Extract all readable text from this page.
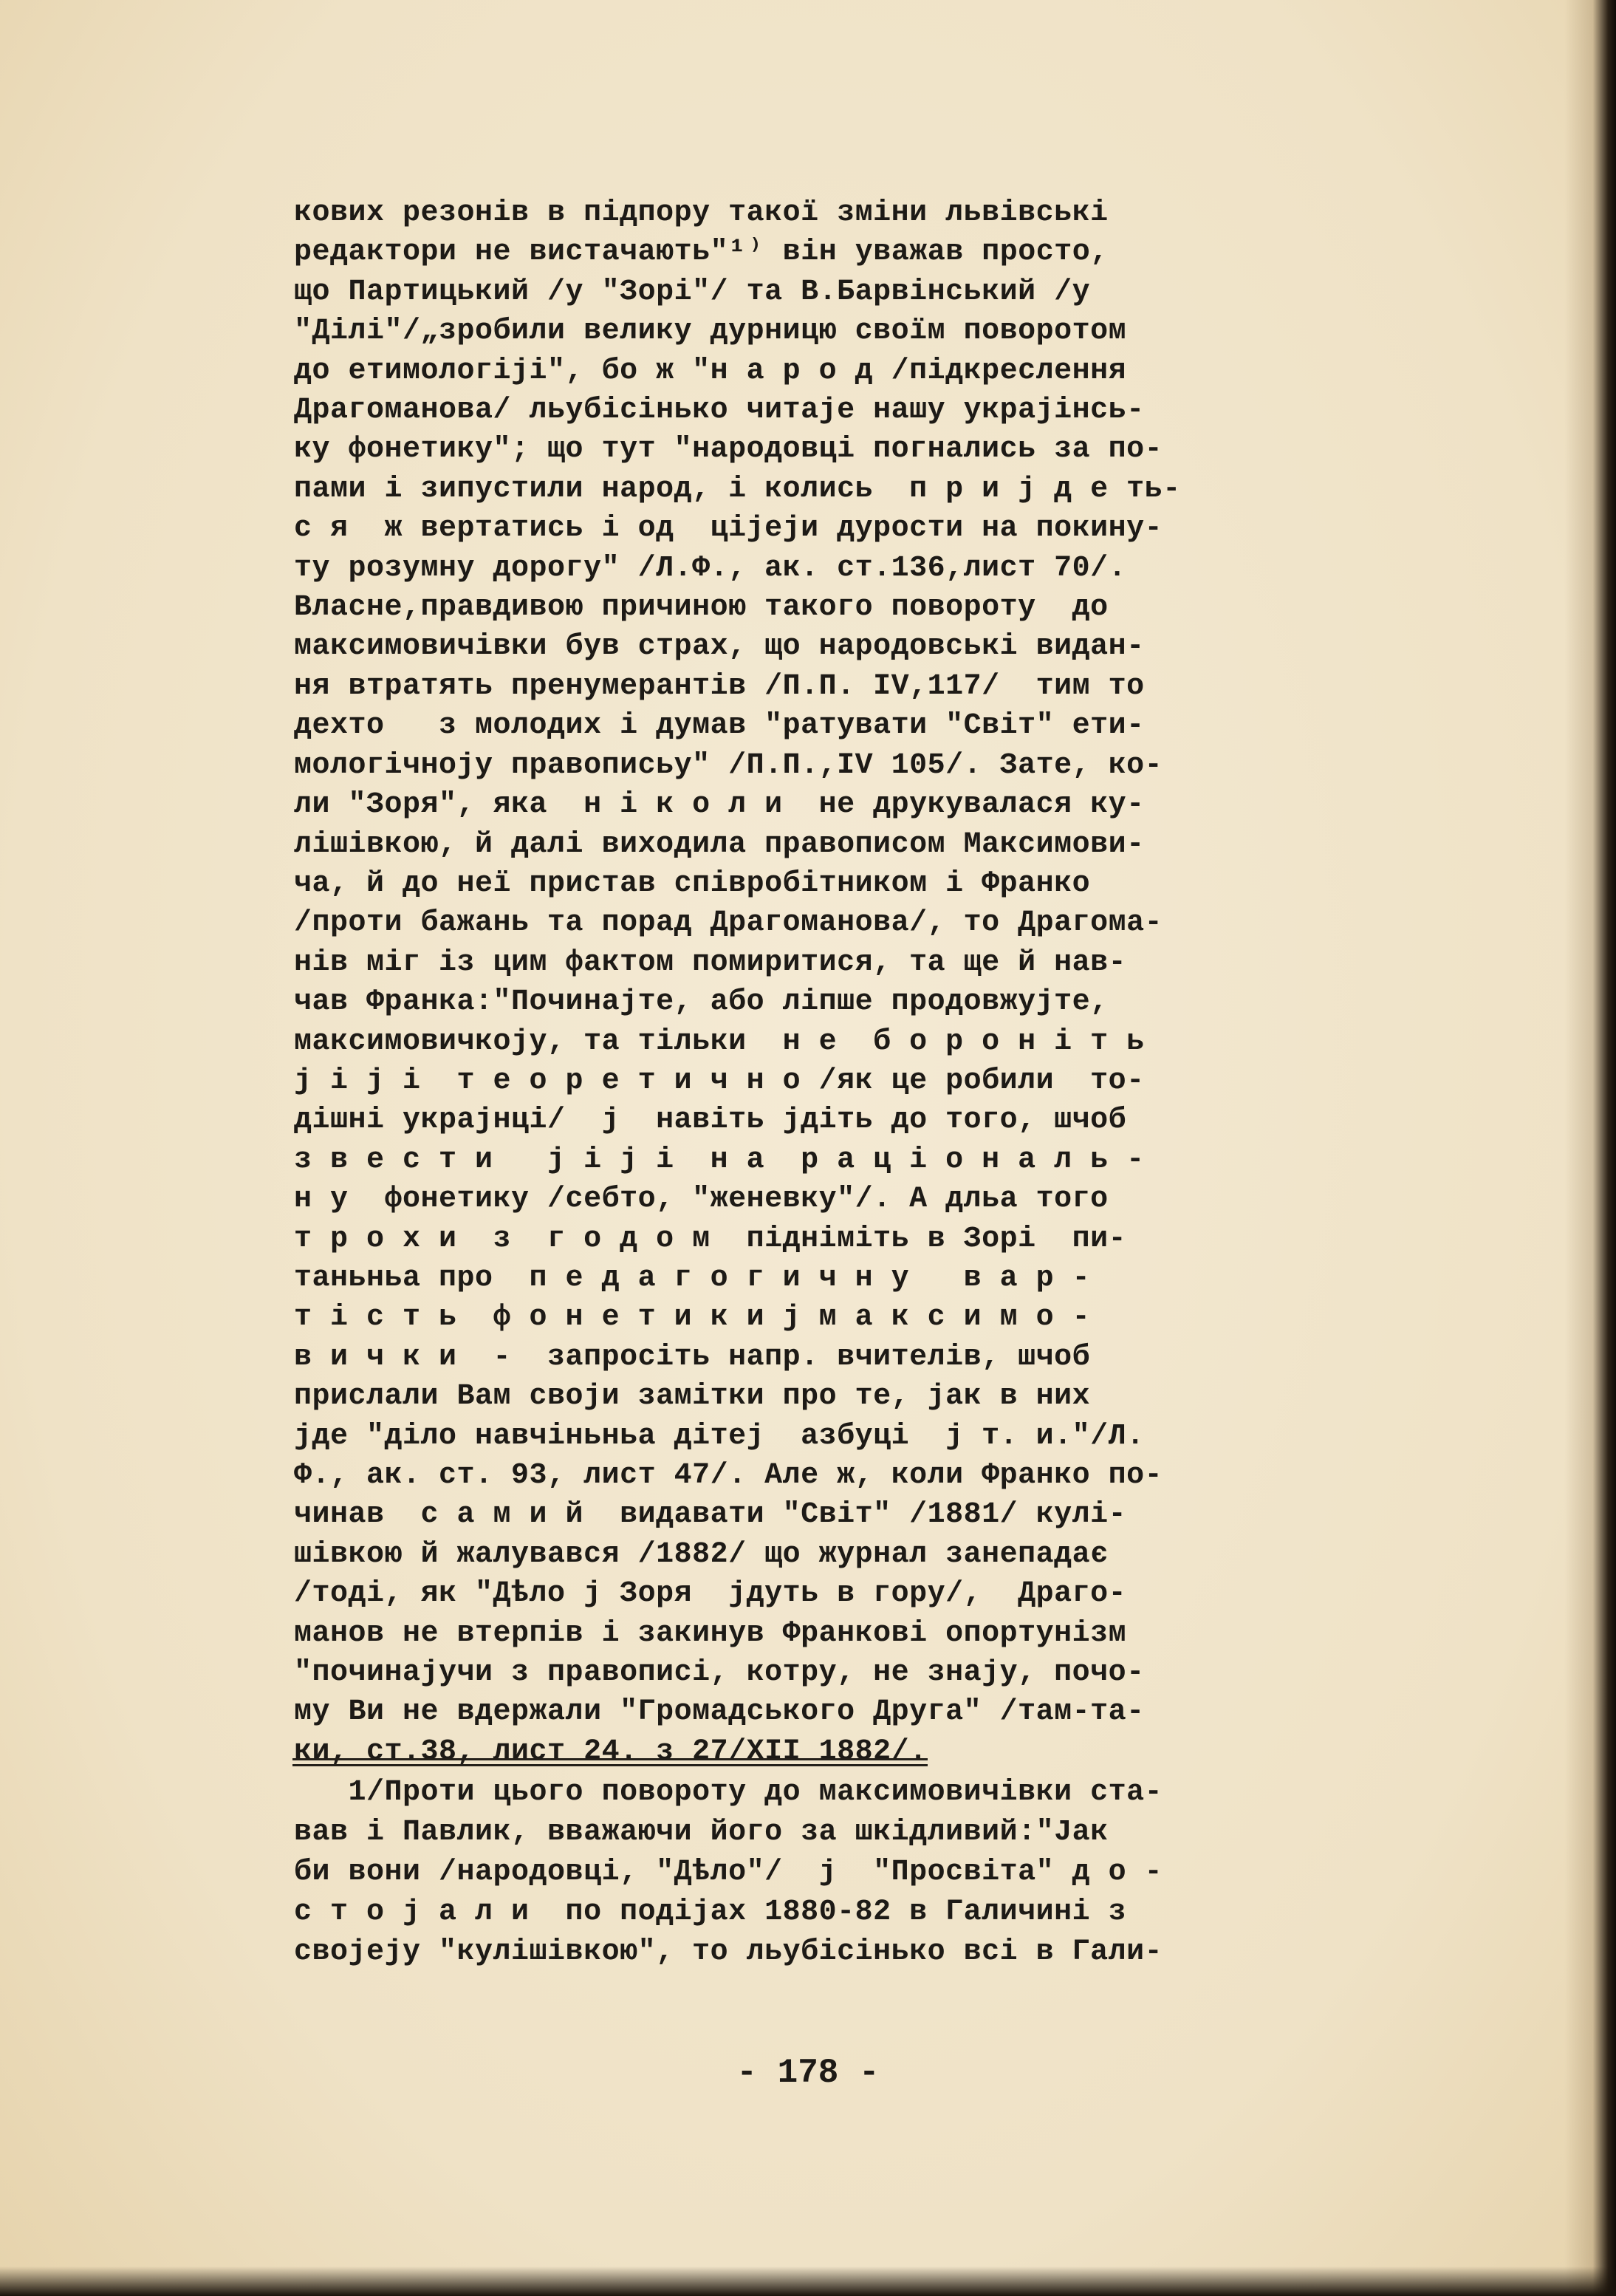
кових резонів в підпору такої зміни львівські
редактори не вистачають"¹⁾ він уважав просто,
що Партицький /у "Зорі"/ та В.Барвінський /у
"Ділі"/„зробили велику дурницю своїм поворотом
до етимологіјі", бо ж "н а р о д /підкреслення
Драгоманова/ льубісінько читаје нашу украјінсь-
ку фонетику"; що тут "народовці погнались за по-
пами і зипустили народ, і колись  п р и ј д е ть-
с я  ж вертатись і од  ціјеји дурости на покину-
ту розумну дорогу" /Л.Ф., ак. ст.136,лист 70/.
Власне,правдивою причиною такого повороту  до
максимовичівки був страх, що народовські видан-
ня втратять пренумерантів /П.П. IV,117/  тим то
дехто   з молодих і думав "ратувати "Світ" ети-
мологічноју правописьу" /П.П.,IV 105/. Зате, ко-
ли "Зоря", яка  н і к о л и  не друкувалася ку-
лішівкою, й далі виходила правописом Максимови-
ча, й до неї пристав співробітником і Франко
/проти бажань та порад Драгоманова/, то Драгома-
нів міг із цим фактом помиритися, та ще й нав-
чав Франка:"Починајте, або ліпше продовжујте,
максимовичкоју, та тільки  н е  б о р о н і т ь
ј і ј і  т е о р е т и ч н о /як це робили  то-
дішні украјнці/  ј  навіть јдіть до того, шчоб
з в е с т и   ј і ј і  н а  р а ц і о н а л ь -
н у  фонетику /себто, "женевку"/. А дльа того
т р о х и  з  г о д о м  підніміть в Зорі  пи-
таньньа про  п е д а г о г и ч н у   в а р -
т і с т ь  ф о н е т и к и ј м а к с и м о -
в и ч к и  -  запросіть напр. вчителів, шчоб
прислали Вам своји замітки про те, јак в них
јде "діло навчіньньа дітеј  азбуці  ј т. и."/Л.
Ф., ак. ст. 93, лист 47/. Але ж, коли Франко по-
чинав  с а м и й  видавати "Світ" /1881/ кулі-
шівкою й жалувався /1882/ що журнал занепадає
/тоді, як "Дѣло ј Зоря  јдуть в гору/,  Драго-
манов не втерпів і закинув Франкові опортунізм
"починајучи з правописі, котру, не знају, почо-
му Ви не вдержали "Громадського Друга" /там-та-
ки, ст.38, лист 24. з 27/XII 1882/.
1/Проти цього повороту до максимовичівки ста-
вав і Павлик, вважаючи його за шкідливий:"Јак
би вони /народовці, "Дѣло"/  ј  "Просвіта" д о -
с т о ј а л и  по подіјах 1880-82 в Галичині з
своjeју "кулішівкою", то льубісінько всі в Гали-
- 178 -
